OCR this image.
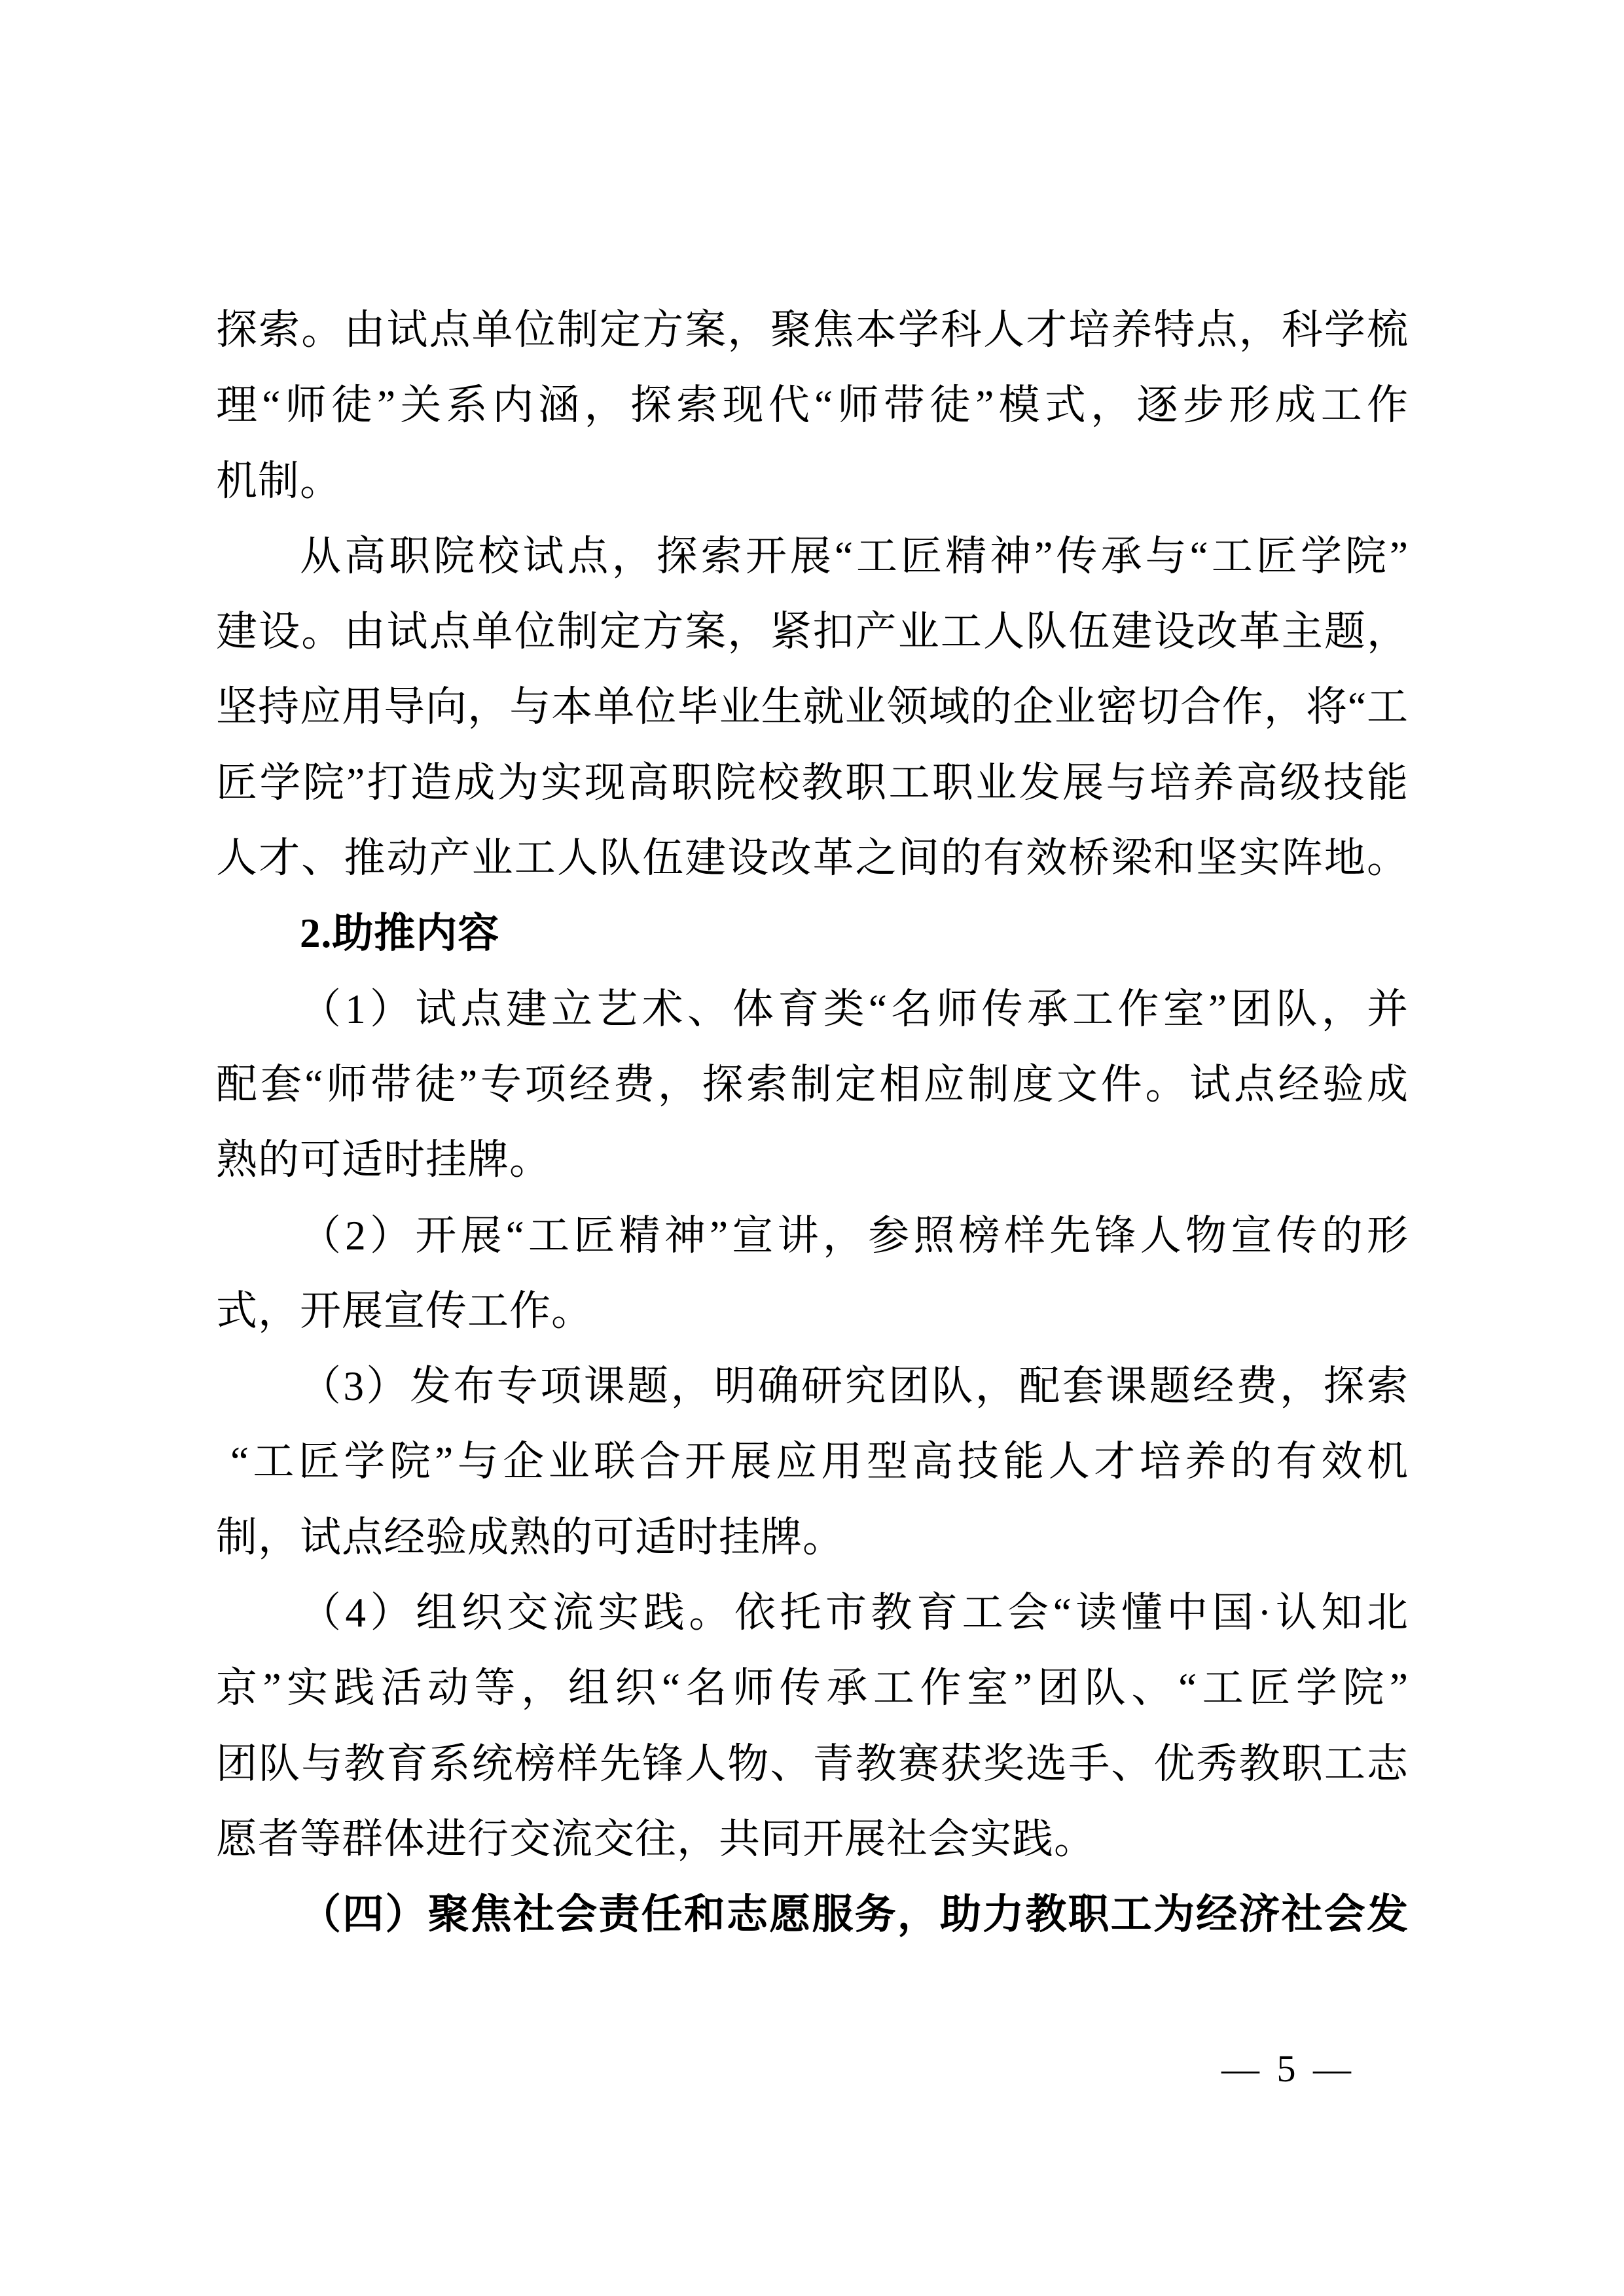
探索。由试点单位制定方案，聚焦本学科人才培养特点，科学梳
理“师徒”关系内涵，探索现代“师带徒”模式，逐步形成工作
机制。
从高职院校试点，探索开展“工匠精神”传承与“工匠学院”
建设。由试点单位制定方案，紧扣产业工人队伍建设改革主题，
坚持应用导向，与本单位毕业生就业领域的企业密切合作，将“工
匠学院”打造成为实现高职院校教职工职业发展与培养高级技能
人才、推动产业工人队伍建设改革之间的有效桥梁和坚实阵地。
2.助推内容
（1）试点建立艺术、体育类“名师传承工作室”团队，并
配套“师带徒”专项经费，探索制定相应制度文件。试点经验成
熟的可适时挂牌。
（2）开展“工匠精神”宣讲，参照榜样先锋人物宣传的形
式，开展宣传工作。
（3）发布专项课题，明确研究团队，配套课题经费，探索
“工匠学院”与企业联合开展应用型高技能人才培养的有效机
制，试点经验成熟的可适时挂牌。
（4）组织交流实践。依托市教育工会“读懂中国·认知北
京”实践活动等，组织“名师传承工作室”团队、“工匠学院”
团队与教育系统榜样先锋人物、青教赛获奖选手、优秀教职工志
愿者等群体进行交流交往，共同开展社会实践。
（四）聚焦社会责任和志愿服务，助力教职工为经济社会发
— 5 —
